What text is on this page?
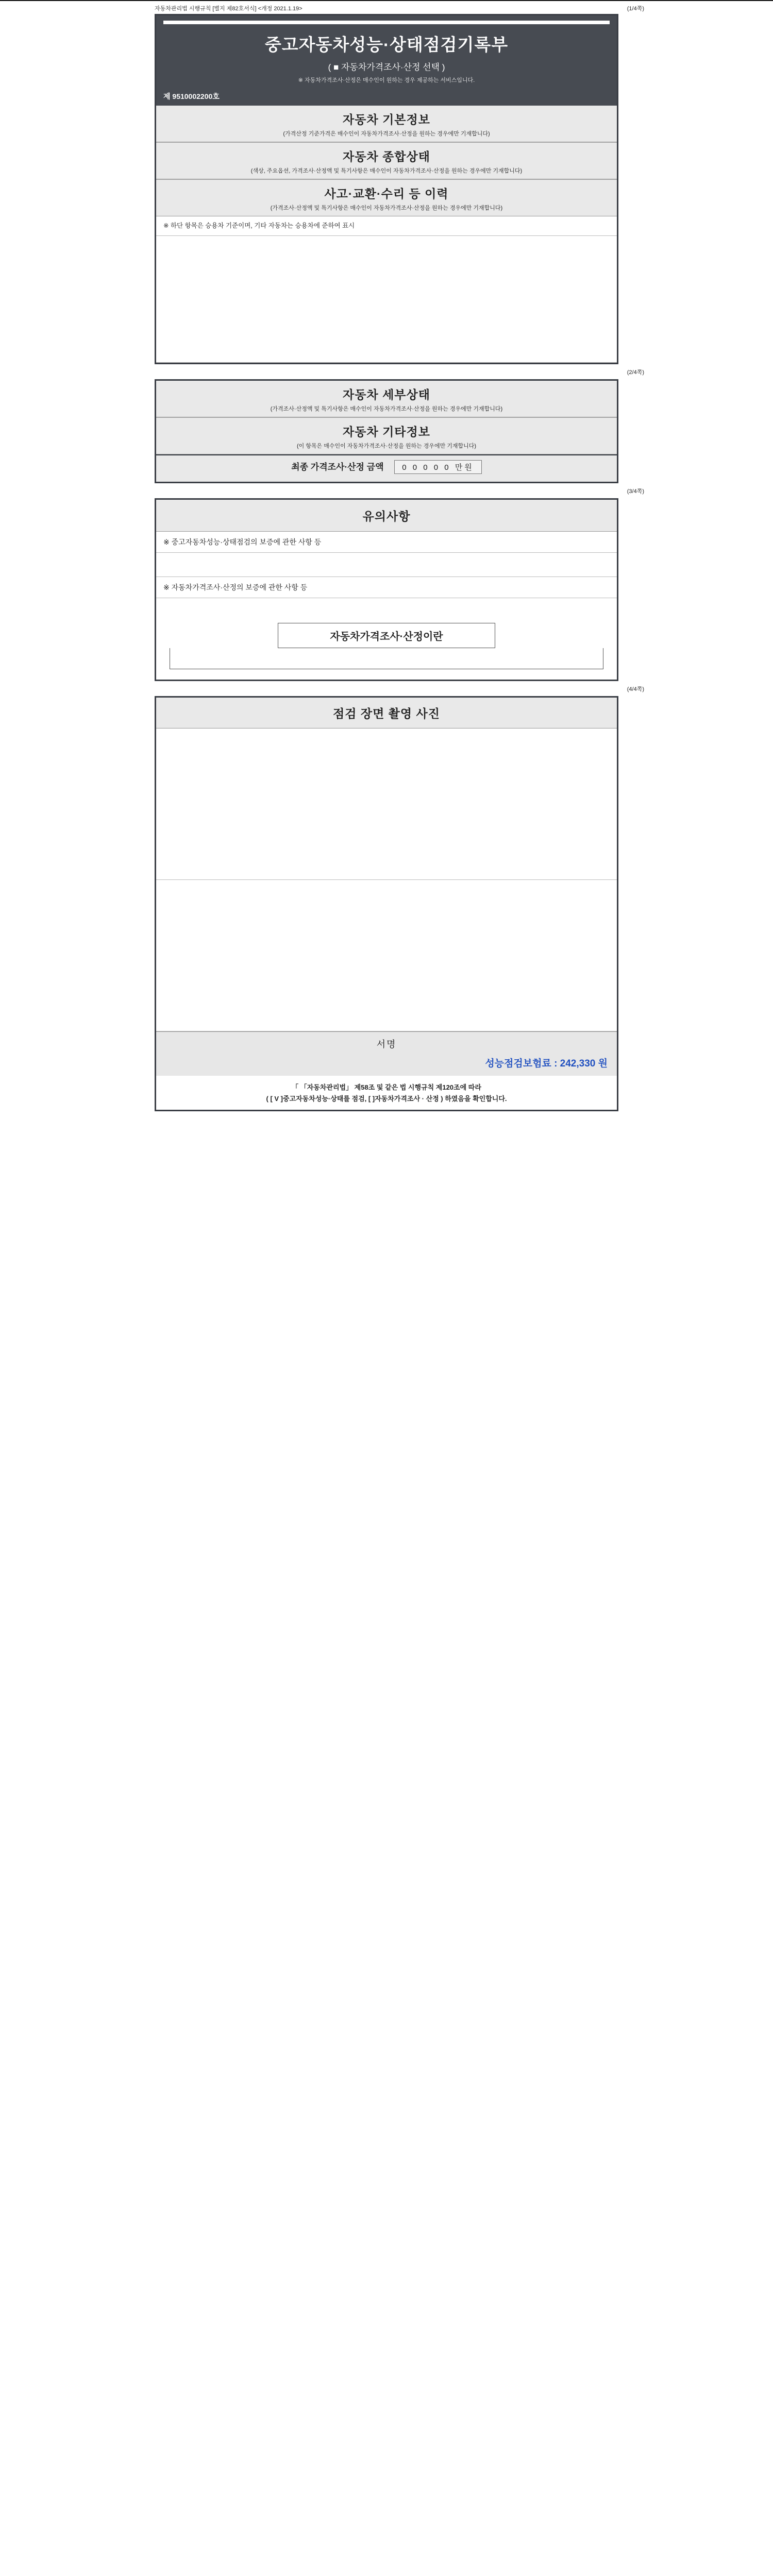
자동차관리법 시행규칙 [별지 제82호서식] <개정 2021.1.19>	(1/4쪽)
중고자동차성능·상태점검기록부
( ■ 자동차가격조사·산정 선택 )
※ 자동차가격조사·산정은 매수인이 원하는 경우 제공하는 서비스입니다.
제 9510002200호
자동차 기본정보
(가격산정 기준가격은 매수인이 자동차가격조사·산정을 원하는 경우에만 기재합니다)
자동차 종합상태
(색상, 주요옵션, 가격조사·산정액 및 특기사항은 매수인이 자동차가격조사·산정을 원하는 경우에만 기재합니다)
사고·교환·수리 등 이력
(가격조사·산정액 및 특기사항은 매수인이 자동차가격조사·산정을 원하는 경우에만 기재합니다)
※ 하단 항목은 승용차 기준이며, 기타 자동차는 승용차에 준하여 표시
(2/4쪽)
자동차 세부상태
(가격조사·산정액 및 특기사항은 매수인이 자동차가격조사·산정을 원하는 경우에만 기재합니다)
자동차 기타정보
(이 항목은 매수인이 자동차가격조사·산정을 원하는 경우에만 기재합니다)
최종 가격조사·산정 금액 0 0 0 0 0 만원
(3/4쪽)
유의사항
※ 중고자동차성능·상태점검의 보증에 관한 사항 등
※ 자동차가격조사·산정의 보증에 관한 사항 등
자동차가격조사·산정이란
(4/4쪽)
점검 장면 촬영 사진
서명
성능점검보험료 : 242,330 원
「 「자동차관리법」 제58조 및 같은 법 시행규칙 제120조에 따라
( [ V ]중고자동차성능·상태를 점검, [ ]자동차가격조사 · 산정 ) 하였음을 확인합니다.
